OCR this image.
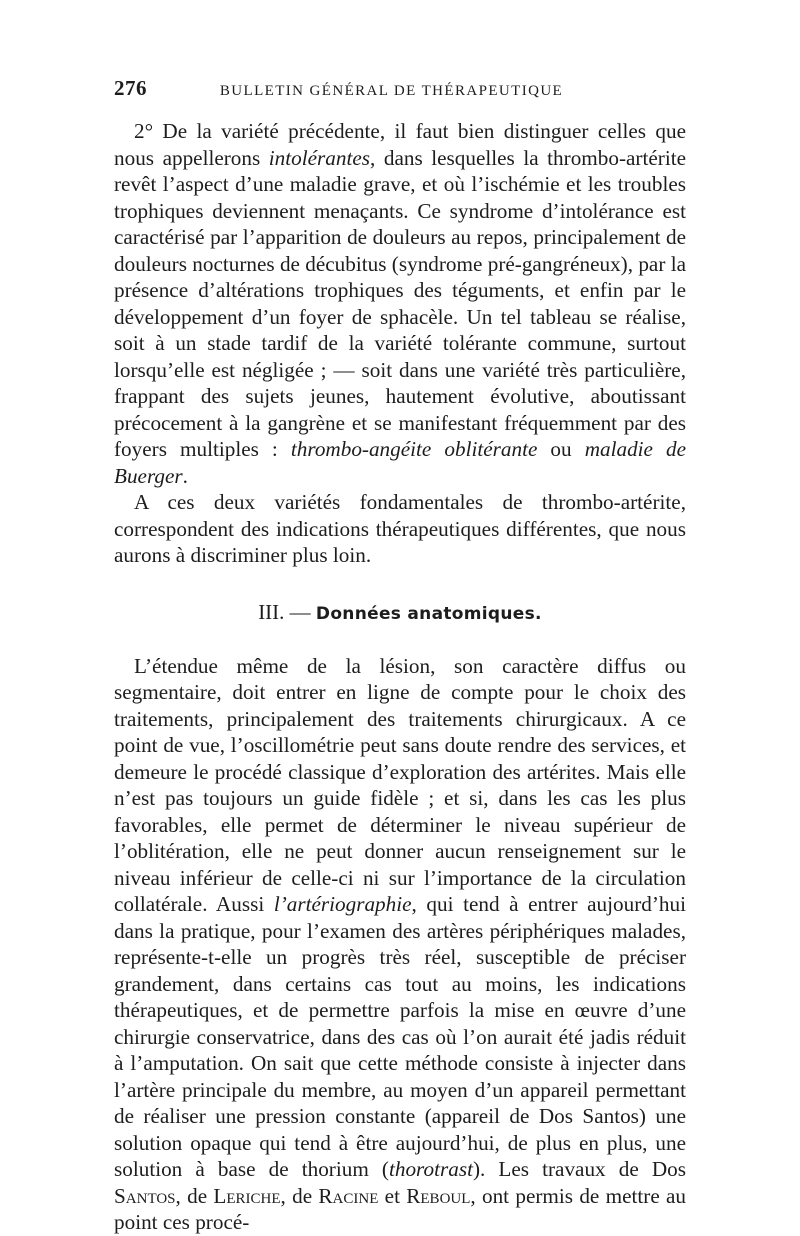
276	BULLETIN GÉNÉRAL DE THÉRAPEUTIQUE

2° De la variété précédente, il faut bien distinguer celles que nous appellerons intolérantes, dans lesquelles la thrombo-artérite revêt l’aspect d’une maladie grave, et où l’ischémie et les troubles trophiques deviennent menaçants. Ce syndrome d’intolérance est caractérisé par l’apparition de douleurs au repos, principalement de douleurs nocturnes de décubitus (syndrome pré-gangréneux), par la présence d’altérations trophiques des téguments, et enfin par le développement d’un foyer de sphacèle. Un tel tableau se réalise, soit à un stade tardif de la variété tolérante commune, surtout lorsqu’elle est négligée ; — soit dans une variété très particulière, frappant des sujets jeunes, hautement évolutive, aboutissant précocement à la gangrène et se manifestant fréquemment par des foyers multiples : thrombo-angéite oblitérante ou maladie de Buerger.

A ces deux variétés fondamentales de thrombo-artérite, correspondent des indications thérapeutiques différentes, que nous aurons à discriminer plus loin.

III. — Données anatomiques.

L’étendue même de la lésion, son caractère diffus ou segmentaire, doit entrer en ligne de compte pour le choix des traitements, principalement des traitements chirurgicaux. A ce point de vue, l’oscillométrie peut sans doute rendre des services, et demeure le procédé classique d’exploration des artérites. Mais elle n’est pas toujours un guide fidèle ; et si, dans les cas les plus favorables, elle permet de déterminer le niveau supérieur de l’oblitération, elle ne peut donner aucun renseignement sur le niveau inférieur de celle-ci ni sur l’importance de la circulation collatérale. Aussi l’artériographie, qui tend à entrer aujourd’hui dans la pratique, pour l’examen des artères périphériques malades, représente-t-elle un progrès très réel, susceptible de préciser grandement, dans certains cas tout au moins, les indications thérapeutiques, et de permettre parfois la mise en œuvre d’une chirurgie conservatrice, dans des cas où l’on aurait été jadis réduit à l’amputation. On sait que cette méthode consiste à injecter dans l’artère principale du membre, au moyen d’un appareil permettant de réaliser une pression constante (appareil de Dos Santos) une solution opaque qui tend à être aujourd’hui, de plus en plus, une solution à base de thorium (thorotrast). Les travaux de Dos Santos, de Leriche, de Racine et Reboul, ont permis de mettre au point ces procé-
